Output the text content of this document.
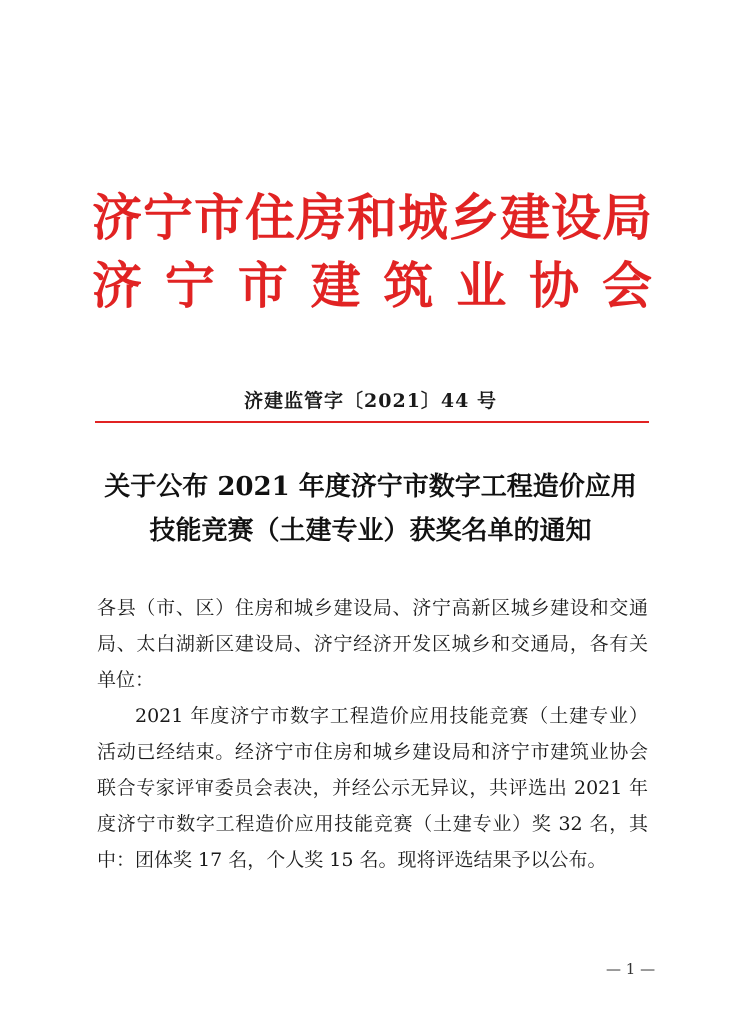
济宁市住房和城乡建设局
济宁市建筑业协会
济建监管字〔2021〕44 号
关于公布 2021 年度济宁市数字工程造价应用
技能竞赛（土建专业）获奖名单的通知
各县（市、区）住房和城乡建设局、济宁高新区城乡建设和交通
局、太白湖新区建设局、济宁经济开发区城乡和交通局，各有关
单位：
2021 年度济宁市数字工程造价应用技能竞赛（土建专业）
活动已经结束。经济宁市住房和城乡建设局和济宁市建筑业协会
联合专家评审委员会表决，并经公示无异议，共评选出 2021 年
度济宁市数字工程造价应用技能竞赛（土建专业）奖 32 名，其
中：团体奖 17 名，个人奖 15 名。现将评选结果予以公布。
— 1 —
